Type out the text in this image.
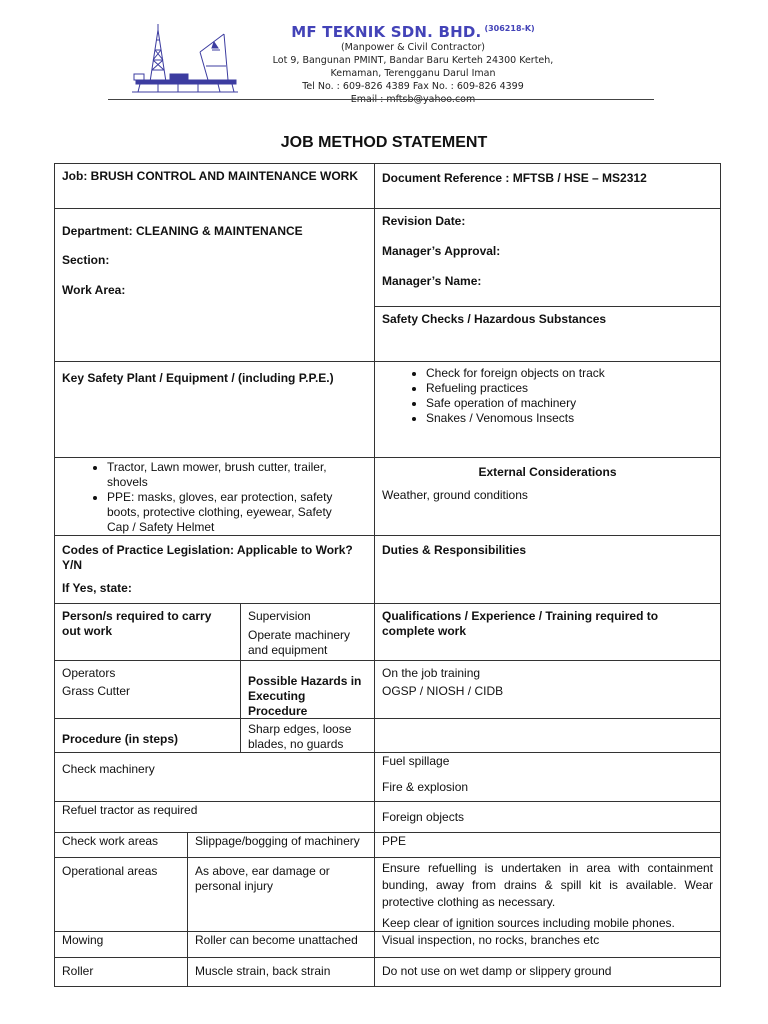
MF TEKNIK SDN. BHD. $^{(306218-K)}$
(Manpower & Civil Contractor)
Lot 9, Bangunan PMINT, Bandar Baru Kerteh 24300 Kerteh,
Kemaman, Terengganu Darul Iman
Tel No. : 609-826 4389 Fax No. : 609-826 4399
Email : mftsb@yahoo.com
JOB METHOD STATEMENT

Job: BRUSH CONTROL AND MAINTENANCE WORK	Document Reference : MFTSB / HSE – MS2312

Department: CLEANING & MAINTENANCE

Section:

Work Area:

Revision Date:

Manager’s Approval:

Manager’s Name:

Safety Checks / Hazardous Substances

Key Safety Plant / Equipment / (including P.P.E.)

•	Check for foreign objects on track
• Refueling practices
• Safe operation of machinery
• Snakes / Venomous Insects
• Tractor, Lawn mower, brush cutter, trailer, shovels
• PPE: masks, gloves, ear protection, safety boots, protective clothing, eyewear, Safety Cap / Safety Helmet

External Considerations

Weather, ground conditions

Codes of Practice Legislation: Applicable to Work? Y/N

If Yes, state:

Duties & Responsibilities

Person/s required to carry out work

Supervision

Operate machinery and equipment

Qualifications / Experience / Training required to complete work

Operators

Grass Cutter

Possible Hazards in Executing Procedure

On the job training

OGSP / NIOSH / CIDB

Procedure (in steps)

Sharp edges, loose blades, no guards

Check machinery

Fuel spillage

Fire & explosion

Refuel tractor as required	Foreign objects

Check work areas	Slippage/bogging of machinery	PPE

Operational areas	As above, ear damage or personal injury

Ensure refuelling is undertaken in area with containment bunding, away from drains & spill kit is available. Wear protective clothing as necessary.

Keep clear of ignition sources including mobile phones.

Mowing	Roller can become unattached	Visual inspection, no rocks, branches etc

Roller	Muscle strain, back strain	Do not use on wet damp or slippery ground
